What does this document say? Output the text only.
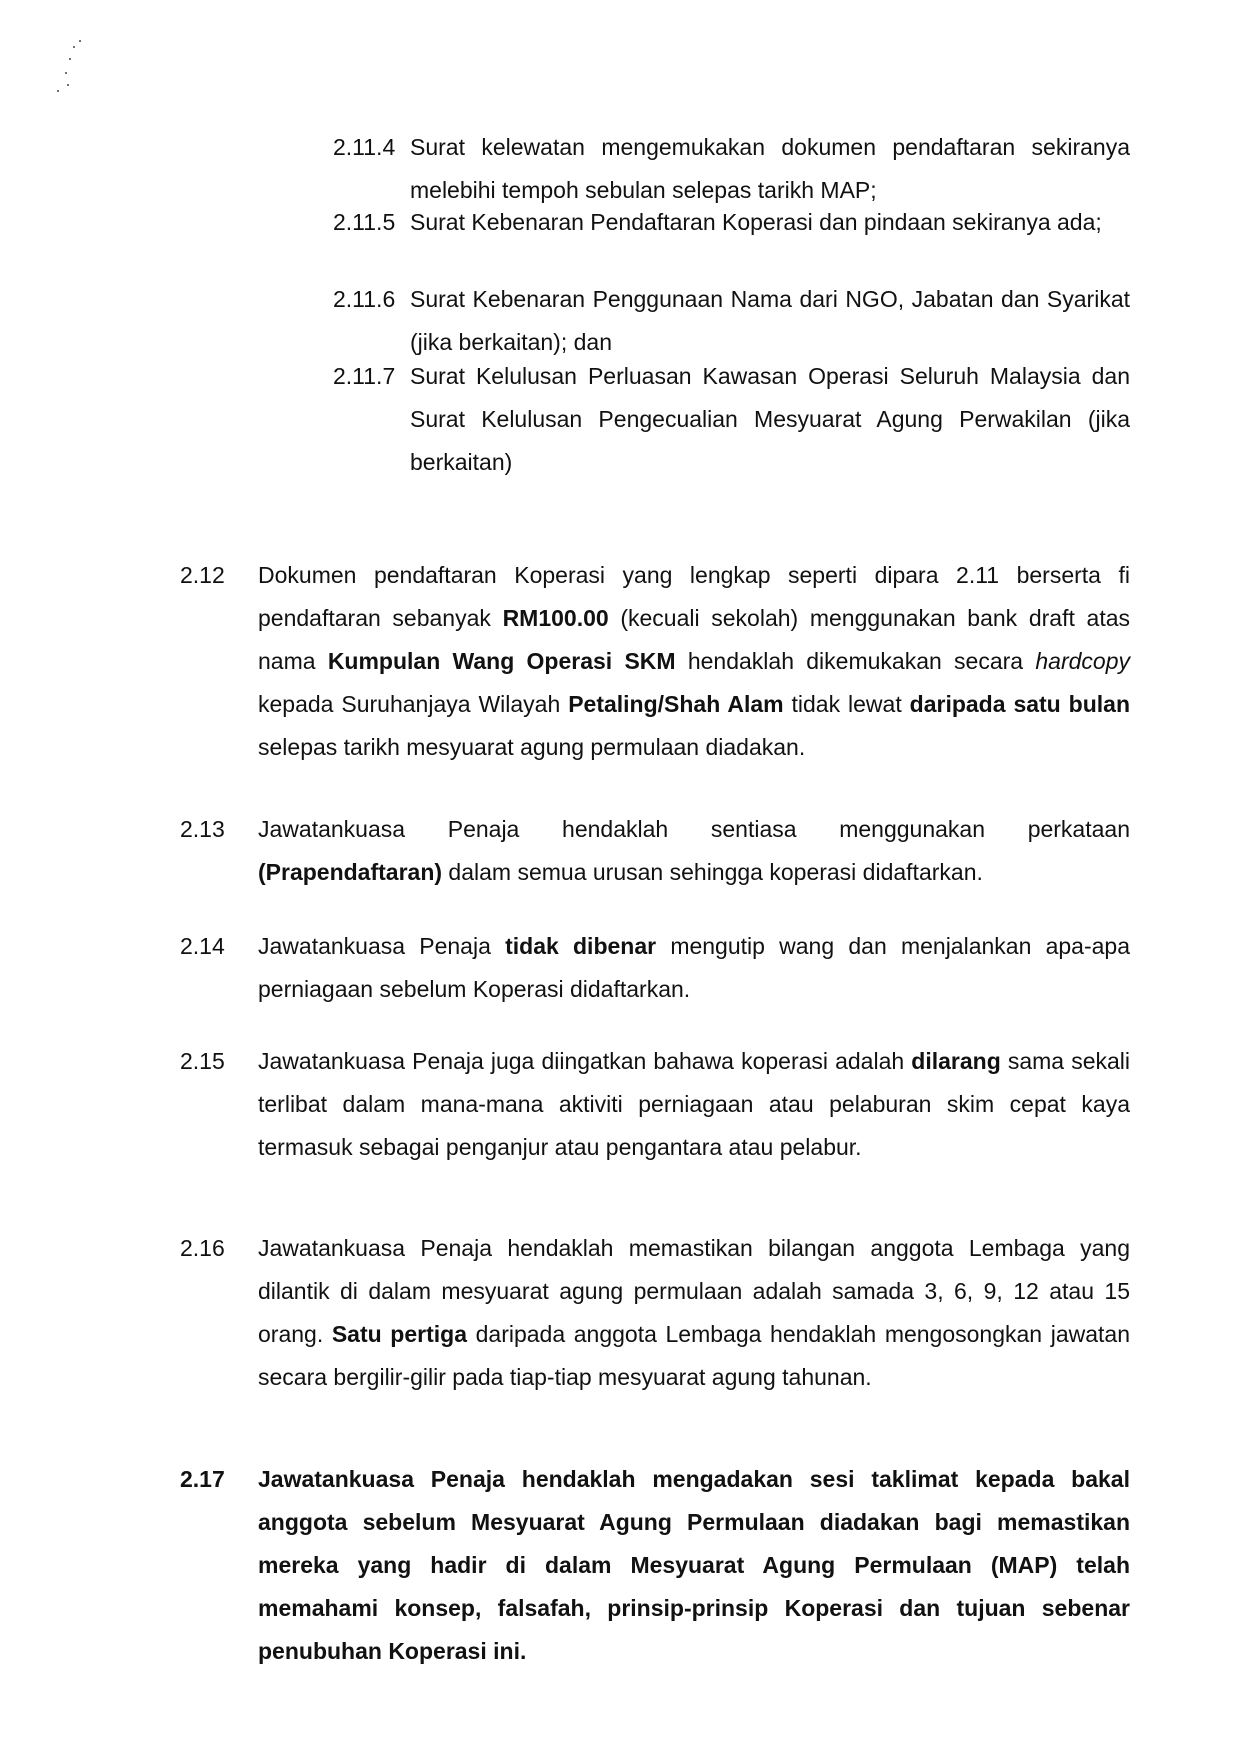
2.11.4 Surat kelewatan mengemukakan dokumen pendaftaran sekiranya melebihi tempoh sebulan selepas tarikh MAP;
2.11.5 Surat Kebenaran Pendaftaran Koperasi dan pindaan sekiranya ada;
2.11.6 Surat Kebenaran Penggunaan Nama dari NGO, Jabatan dan Syarikat (jika berkaitan); dan
2.11.7 Surat Kelulusan Perluasan Kawasan Operasi Seluruh Malaysia dan Surat Kelulusan Pengecualian Mesyuarat Agung Perwakilan (jika berkaitan)
2.12	Dokumen pendaftaran Koperasi yang lengkap seperti dipara 2.11 berserta fi pendaftaran sebanyak RM100.00 (kecuali sekolah) menggunakan bank draft atas nama Kumpulan Wang Operasi SKM hendaklah dikemukakan secara hardcopy kepada Suruhanjaya Wilayah Petaling/Shah Alam tidak lewat daripada satu bulan selepas tarikh mesyuarat agung permulaan diadakan.
2.13	Jawatankuasa Penaja hendaklah sentiasa menggunakan perkataan (Prapendaftaran) dalam semua urusan sehingga koperasi didaftarkan.
2.14	Jawatankuasa Penaja tidak dibenar mengutip wang dan menjalankan apa-apa perniagaan sebelum Koperasi didaftarkan.
2.15	Jawatankuasa Penaja juga diingatkan bahawa koperasi adalah dilarang sama sekali terlibat dalam mana-mana aktiviti perniagaan atau pelaburan skim cepat kaya termasuk sebagai penganjur atau pengantara atau pelabur.
2.16	Jawatankuasa Penaja hendaklah memastikan bilangan anggota Lembaga yang dilantik di dalam mesyuarat agung permulaan adalah samada 3, 6, 9, 12 atau 15 orang. Satu pertiga daripada anggota Lembaga hendaklah mengosongkan jawatan secara bergilir-gilir pada tiap-tiap mesyuarat agung tahunan.
2.17	Jawatankuasa Penaja hendaklah mengadakan sesi taklimat kepada bakal anggota sebelum Mesyuarat Agung Permulaan diadakan bagi memastikan mereka yang hadir di dalam Mesyuarat Agung Permulaan (MAP) telah memahami konsep, falsafah, prinsip-prinsip Koperasi dan tujuan sebenar penubuhan Koperasi ini.
